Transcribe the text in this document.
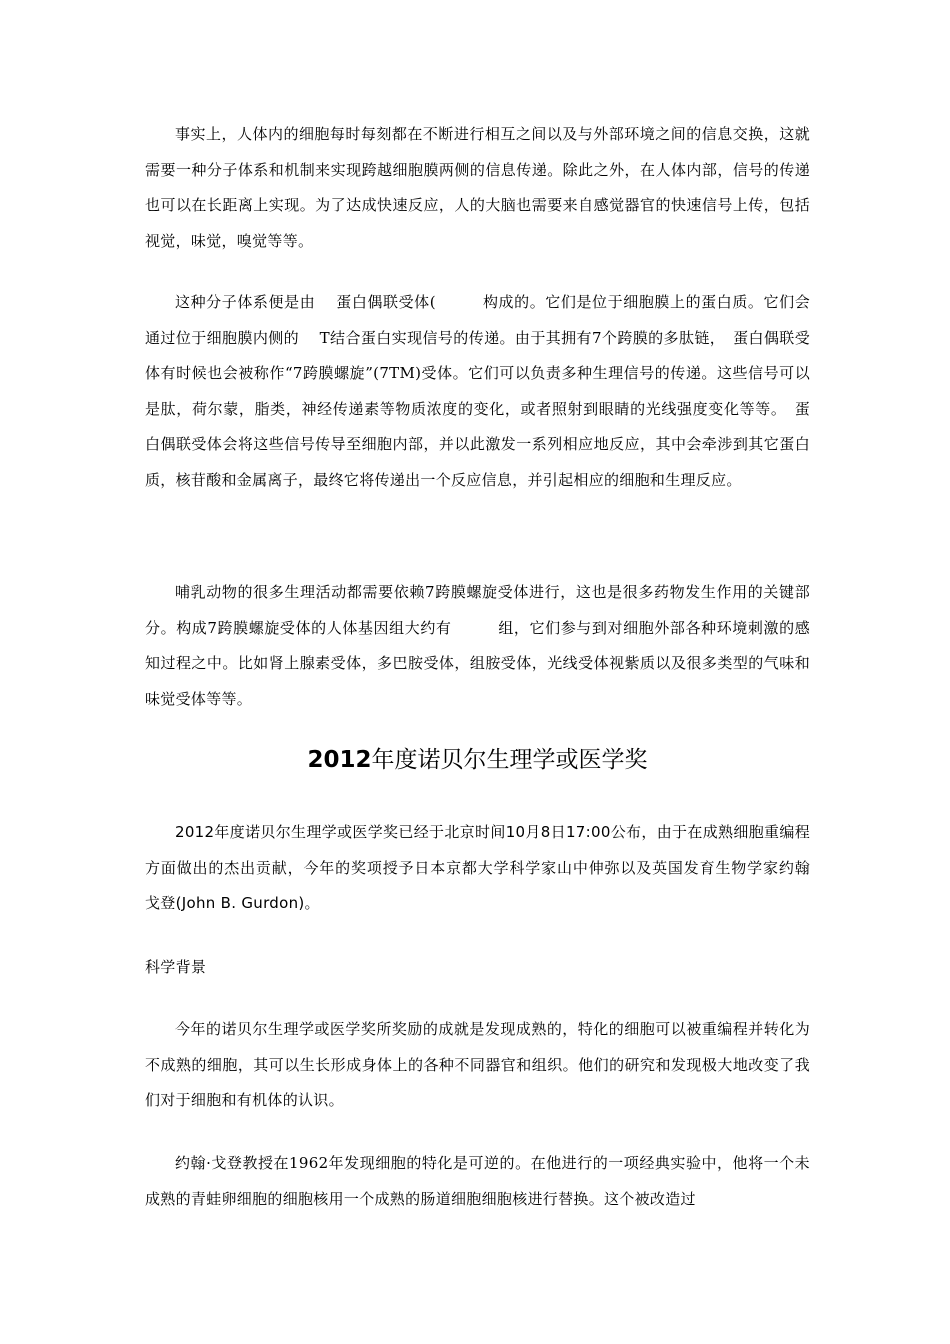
事实上，人体内的细胞每时每刻都在不断进行相互之间以及与外部环境之间的信息交换，这就需要一种分子体系和机制来实现跨越细胞膜两侧的信息传递。除此之外，在人体内部，信号的传递也可以在长距离上实现。为了达成快速反应，人的大脑也需要来自感觉器官的快速信号上传，包括视觉，味觉，嗅觉等等。

这种分子体系便是由　 蛋白偶联受体(　　　构成的。它们是位于细胞膜上的蛋白质。它们会通过位于细胞膜内侧的　 T结合蛋白实现信号的传递。由于其拥有7个跨膜的多肽链，　蛋白偶联受体有时候也会被称作“7跨膜螺旋”(7TM)受体。它们可以负责多种生理信号的传递。这些信号可以是肽，荷尔蒙，脂类，神经传递素等物质浓度的变化，或者照射到眼睛的光线强度变化等等。　蛋白偶联受体会将这些信号传导至细胞内部，并以此激发一系列相应地反应，其中会牵涉到其它蛋白质，核苷酸和金属离子，最终它将传递出一个反应信息，并引起相应的细胞和生理反应。

哺乳动物的很多生理活动都需要依赖7跨膜螺旋受体进行，这也是很多药物发生作用的关键部分。构成7跨膜螺旋受体的人体基因组大约有　　　组，它们参与到对细胞外部各种环境刺激的感知过程之中。比如肾上腺素受体，多巴胺受体，组胺受体，光线受体视紫质以及很多类型的气味和味觉受体等等。

2012年度诺贝尔生理学或医学奖

2012年度诺贝尔生理学或医学奖已经于北京时间10月8日17:00公布，由于在成熟细胞重编程方面做出的杰出贡献，今年的奖项授予日本京都大学科学家山中伸弥以及英国发育生物学家约翰　戈登(John B. Gurdon)。

科学背景

今年的诺贝尔生理学或医学奖所奖励的成就是发现成熟的，特化的细胞可以被重编程并转化为不成熟的细胞，其可以生长形成身体上的各种不同器官和组织。他们的研究和发现极大地改变了我们对于细胞和有机体的认识。

约翰·戈登教授在1962年发现细胞的特化是可逆的。在他进行的一项经典实验中，他将一个未成熟的青蛙卵细胞的细胞核用一个成熟的肠道细胞细胞核进行替换。这个被改造过
